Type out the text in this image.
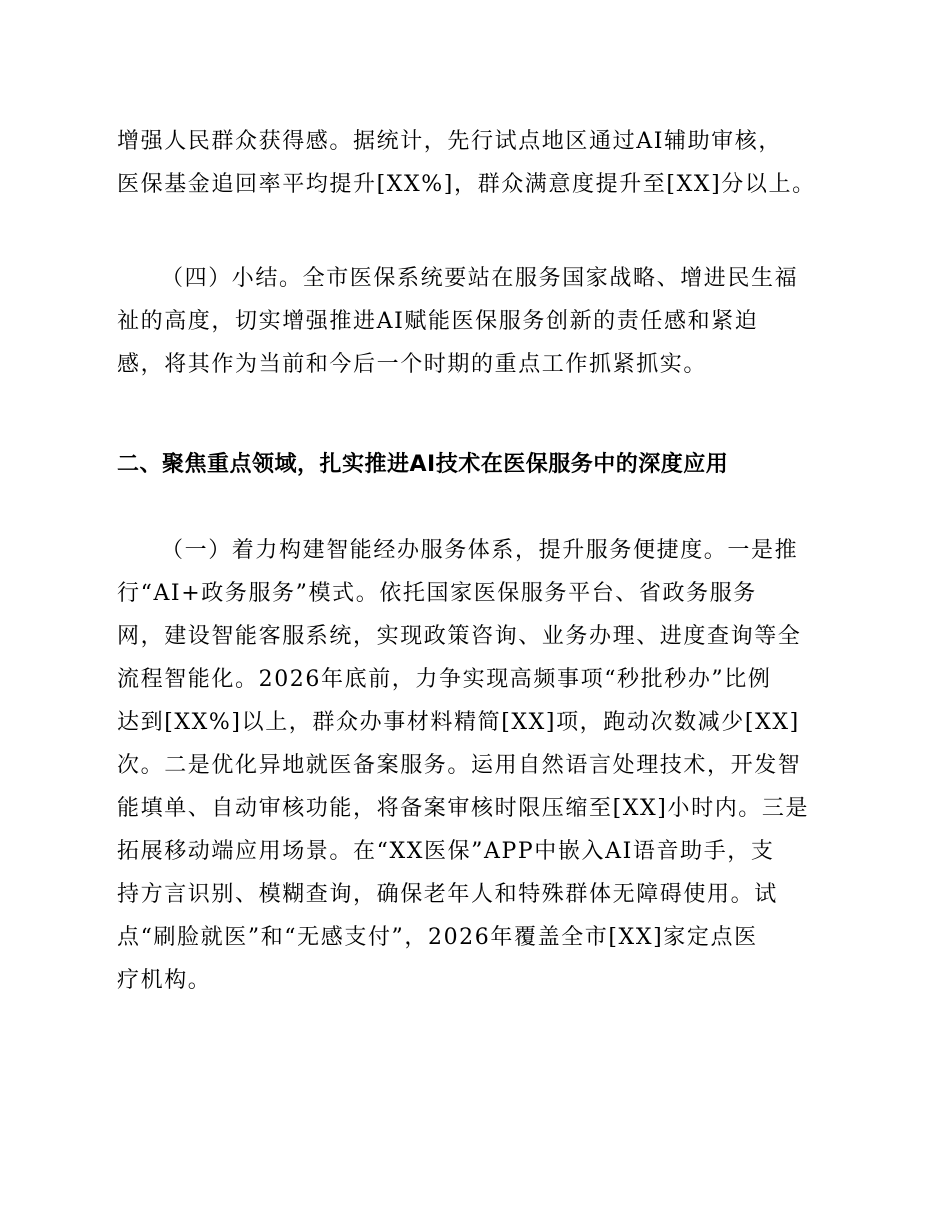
增强人民群众获得感。据统计，先行试点地区通过AI辅助审核，
医保基金追回率平均提升[XX%]，群众满意度提升至[XX]分以上。
（四）小结。全市医保系统要站在服务国家战略、增进民生福
祉的高度，切实增强推进AI赋能医保服务创新的责任感和紧迫
感，将其作为当前和今后一个时期的重点工作抓紧抓实。
二、聚焦重点领域，扎实推进AI技术在医保服务中的深度应用
（一）着力构建智能经办服务体系，提升服务便捷度。一是推
行“AI+政务服务”模式。依托国家医保服务平台、省政务服务
网，建设智能客服系统，实现政策咨询、业务办理、进度查询等全
流程智能化。2026年底前，力争实现高频事项“秒批秒办”比例
达到[XX%]以上，群众办事材料精简[XX]项，跑动次数减少[XX]
次。二是优化异地就医备案服务。运用自然语言处理技术，开发智
能填单、自动审核功能，将备案审核时限压缩至[XX]小时内。三是
拓展移动端应用场景。在“XX医保”APP中嵌入AI语音助手，支
持方言识别、模糊查询，确保老年人和特殊群体无障碍使用。试
点“刷脸就医”和“无感支付”，2026年覆盖全市[XX]家定点医
疗机构。
